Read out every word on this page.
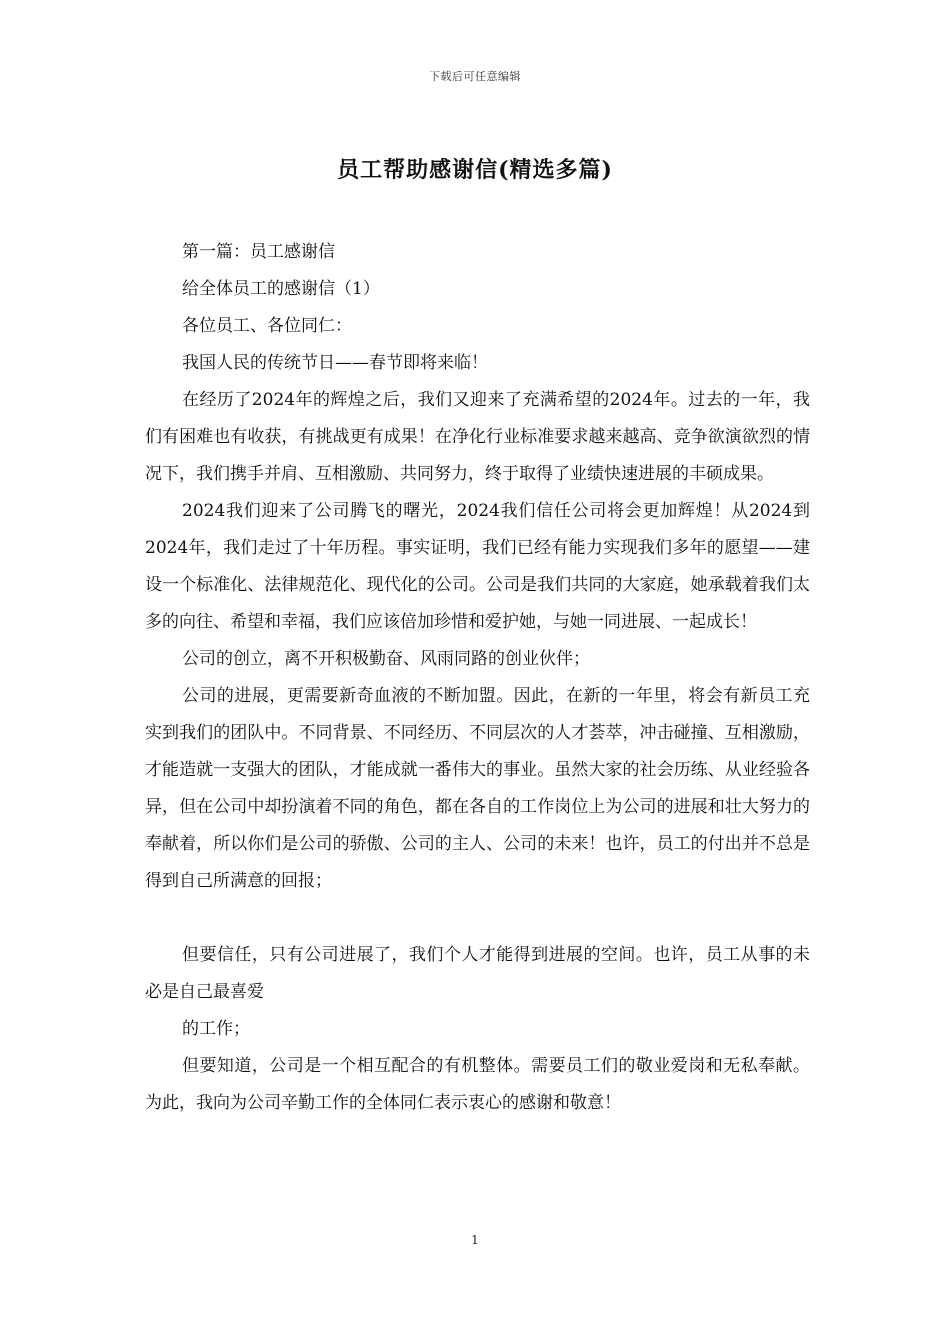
下载后可任意编辑
员工帮助感谢信(精选多篇)

第一篇：员工感谢信

给全体员工的感谢信（1）

各位员工、各位同仁：

我国人民的传统节日——春节即将来临！

在经历了2024年的辉煌之后，我们又迎来了充满希望的2024年。过去的一年，我们有困难也有收获，有挑战更有成果！在净化行业标准要求越来越高、竞争欲演欲烈的情况下，我们携手并肩、互相激励、共同努力，终于取得了业绩快速进展的丰硕成果。

2024我们迎来了公司腾飞的曙光，2024我们信任公司将会更加辉煌！从2024到2024年，我们走过了十年历程。事实证明，我们已经有能力实现我们多年的愿望——建设一个标准化、法律规范化、现代化的公司。公司是我们共同的大家庭，她承载着我们太多的向往、希望和幸福，我们应该倍加珍惜和爱护她，与她一同进展、一起成长！

公司的创立，离不开积极勤奋、风雨同路的创业伙伴；

公司的进展，更需要新奇血液的不断加盟。因此，在新的一年里，将会有新员工充实到我们的团队中。不同背景、不同经历、不同层次的人才荟萃，冲击碰撞、互相激励，才能造就一支强大的团队，才能成就一番伟大的事业。虽然大家的社会历练、从业经验各异，但在公司中却扮演着不同的角色，都在各自的工作岗位上为公司的进展和壮大努力的奉献着，所以你们是公司的骄傲、公司的主人、公司的未来！也许，员工的付出并不总是得到自己所满意的回报；

但要信任，只有公司进展了，我们个人才能得到进展的空间。也许，员工从事的未必是自己最喜爱

的工作；

但要知道，公司是一个相互配合的有机整体。需要员工们的敬业爱岗和无私奉献。为此，我向为公司辛勤工作的全体同仁表示衷心的感谢和敬意！

1
